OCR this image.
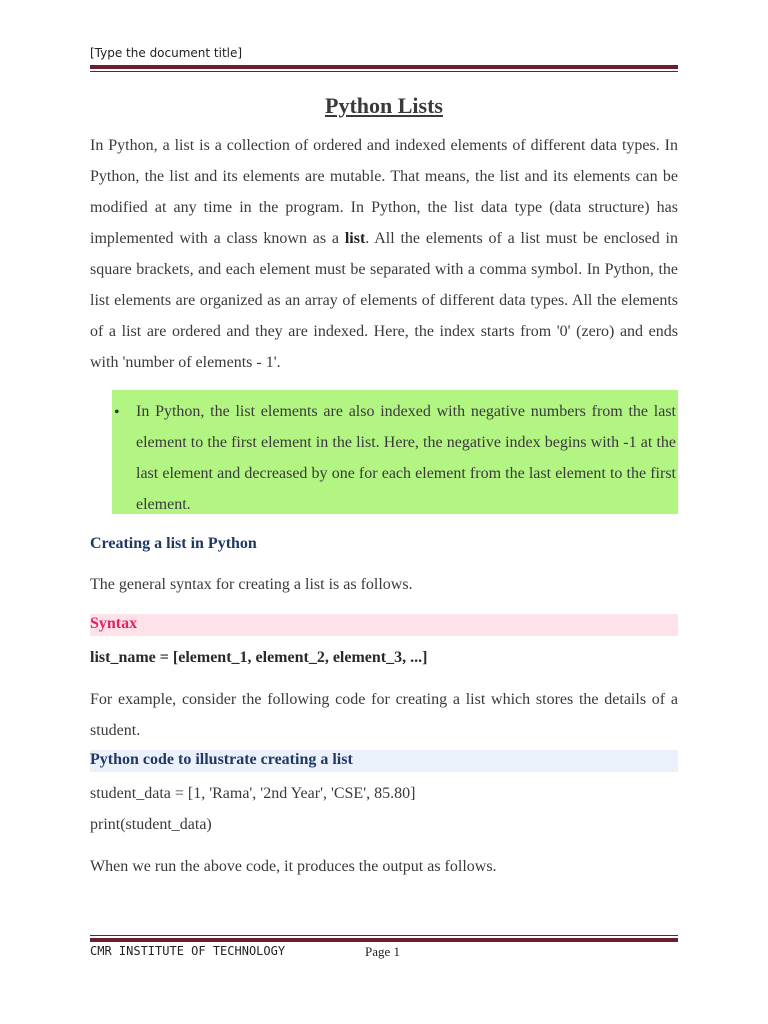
[Type the document title]
Python Lists

In Python, a list is a collection of ordered and indexed elements of different data types. In Python, the list and its elements are mutable. That means, the list and its elements can be modified at any time in the program. In Python, the list data type (data structure) has implemented with a class known as a list. All the elements of a list must be enclosed in square brackets, and each element must be separated with a comma symbol. In Python, the list elements are organized as an array of elements of different data types. All the elements of a list are ordered and they are indexed. Here, the index starts from '0' (zero) and ends with 'number of elements - 1'.

• In Python, the list elements are also indexed with negative numbers from the last element to the first element in the list. Here, the negative index begins with -1 at the last element and decreased by one for each element from the last element to the first element.

Creating a list in Python

The general syntax for creating a list is as follows.

Syntax
list_name = [element_1, element_2, element_3, ...]

For example, consider the following code for creating a list which stores the details of a student.

Python code to illustrate creating a list
student_data = [1, 'Rama', '2nd Year', 'CSE', 85.80]
print(student_data)

When we run the above code, it produces the output as follows.

CMR INSTITUTE OF TECHNOLOGY	Page 1
